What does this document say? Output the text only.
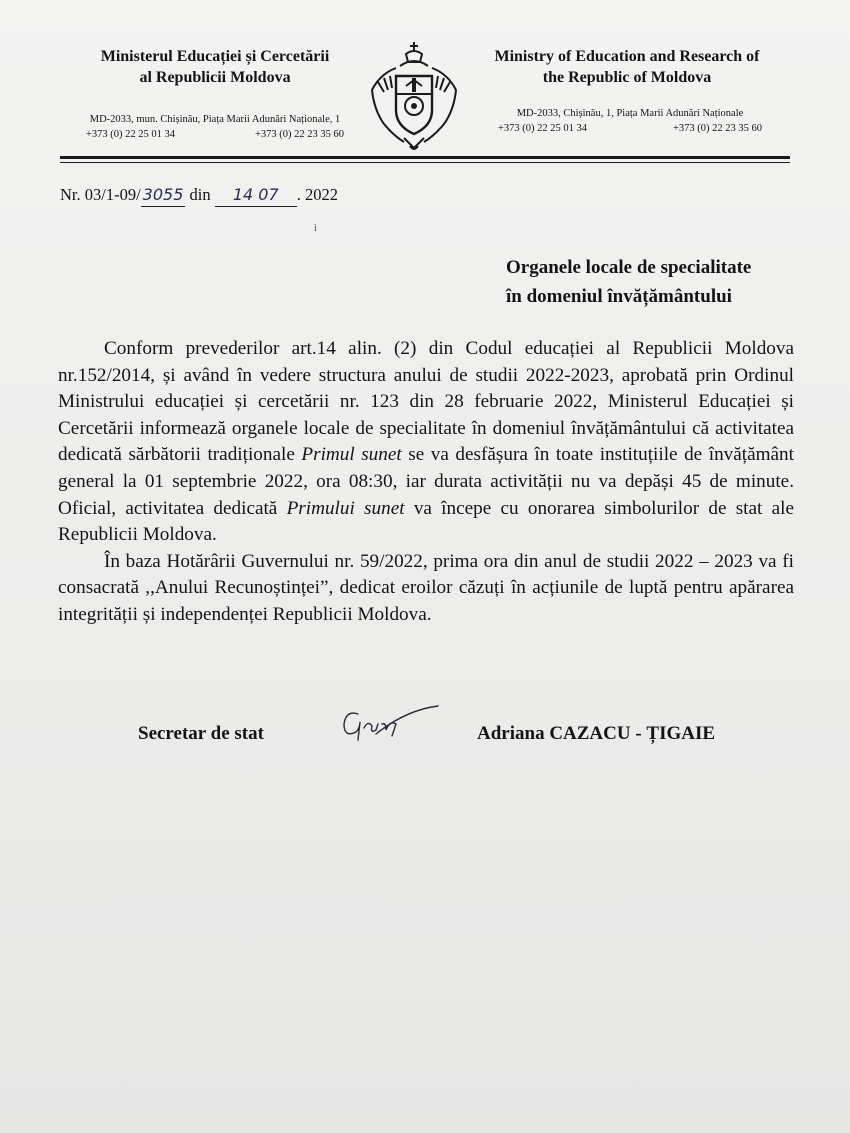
Ministerul Educației și Cercetării
al Republicii Moldova
MD-2033, mun. Chișinău, Piața Marii Adunări Naționale, 1
+373 (0) 22 25 01 34	+373 (0) 22 23 35 60
Ministry of Education and Research of
the Republic of Moldova
MD-2033, Chișinău, 1, Piața Marii Adunări Naționale
+373 (0) 22 25 01 34	+373 (0) 22 23 35 60
Nr. 03/1-09/ 3055 din 14 07 . 2022
ì
Organele locale de specialitate
în domeniul învățământului

Conform prevederilor art.14 alin. (2) din Codul educației al Republicii Moldova nr.152/2014, și având în vedere structura anului de studii 2022-2023, aprobată prin Ordinul Ministrului educației și cercetării nr. 123 din 28 februarie 2022, Ministerul Educației și Cercetării informează organele locale de specialitate în domeniul învățământului că activitatea dedicată sărbătorii tradiționale Primul sunet se va desfășura în toate instituțiile de învățământ general la 01 septembrie 2022, ora 08:30, iar durata activității nu va depăși 45 de minute. Oficial, activitatea dedicată Primului sunet va începe cu onorarea simbolurilor de stat ale Republicii Moldova.

În baza Hotărârii Guvernului nr. 59/2022, prima ora din anul de studii 2022 – 2023 va fi consacrată ,,Anului Recunoștinței”, dedicat eroilor căzuți în acțiunile de luptă pentru apărarea integrității și independenței Republicii Moldova.

Secretar de stat	Adriana CAZACU - ȚIGAIE
